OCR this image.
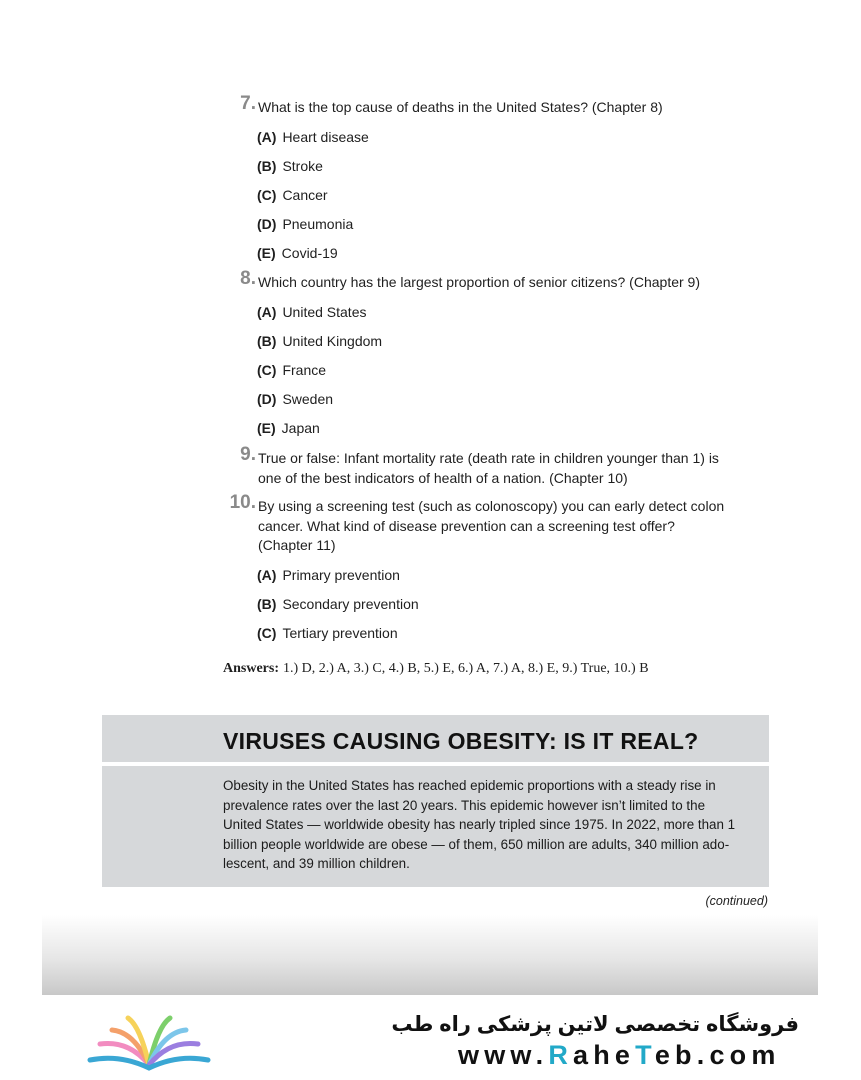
7. What is the top cause of deaths in the United States? (Chapter 8)
(A) Heart disease
(B) Stroke
(C) Cancer
(D) Pneumonia
(E) Covid-19
8. Which country has the largest proportion of senior citizens? (Chapter 9)
(A) United States
(B) United Kingdom
(C) France
(D) Sweden
(E) Japan
9. True or false: Infant mortality rate (death rate in children younger than 1) is one of the best indicators of health of a nation. (Chapter 10)
10. By using a screening test (such as colonoscopy) you can early detect colon cancer. What kind of disease prevention can a screening test offer? (Chapter 11)
(A) Primary prevention
(B) Secondary prevention
(C) Tertiary prevention
Answers: 1.) D, 2.) A, 3.) C, 4.) B, 5.) E, 6.) A, 7.) A, 8.) E, 9.) True, 10.) B
VIRUSES CAUSING OBESITY: IS IT REAL?

Obesity in the United States has reached epidemic proportions with a steady rise in prevalence rates over the last 20 years. This epidemic however isn’t limited to the United States — worldwide obesity has nearly tripled since 1975. In 2022, more than 1 billion people worldwide are obese — of them, 650 million are adults, 340 million ado-lescent, and 39 million children.

(continued)
فروشگاه تخصصی لاتین پزشکی راه طب
www.RaheTeb.com
